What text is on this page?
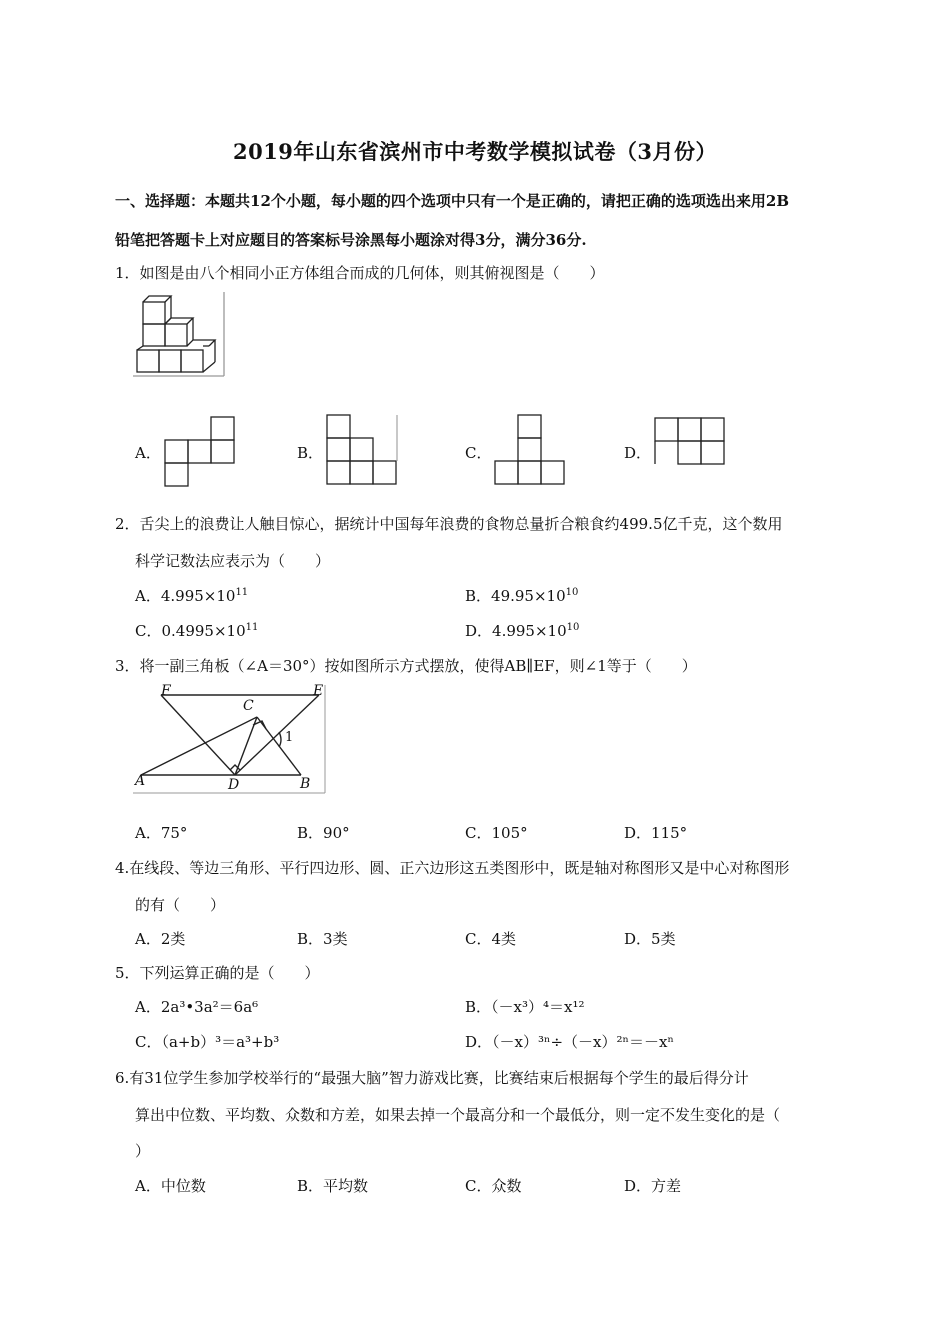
2019年山东省滨州市中考数学模拟试卷（3月份）
一、选择题：本题共12个小题，每小题的四个选项中只有一个是正确的，请把正确的选项选出来用2B
铅笔把答题卡上对应题目的答案标号涂黑每小题涂对得3分，满分36分.
1．如图是由八个相同小正方体组合而成的几何体，则其俯视图是（　　）
A．	B．	C．	D．
2．舌尖上的浪费让人触目惊心，据统计中国每年浪费的食物总量折合粮食约499.5亿千克，这个数用
科学记数法应表示为（　　）
A．$4.995\times 10^{11}$	B．$49.95\times 10^{10}$
C．$0.4995\times 10^{11}$	D．$4.995\times 10^{10}$
3．将一副三角板（∠A＝30°）按如图所示方式摆放，使得AB∥EF，则∠1等于（　　）
F	E
C
1
A	D	B
A．75°	B．90°	C．105°	D．115°
4.在线段、等边三角形、平行四边形、圆、正六边形这五类图形中，既是轴对称图形又是中心对称图形
的有（　　）
A．2类	B．3类	C．4类	D．5类
5．下列运算正确的是（　　）
A．2a³•3a²＝6a⁶	B．（－x³）⁴＝x¹²
C．（a+b）³＝a³+b³	D．（－x）³ⁿ÷（－x）²ⁿ＝－xⁿ
6.有31位学生参加学校举行的“最强大脑”智力游戏比赛，比赛结束后根据每个学生的最后得分计
算出中位数、平均数、众数和方差，如果去掉一个最高分和一个最低分，则一定不发生变化的是（
）
A．中位数	B．平均数	C．众数	D．方差
